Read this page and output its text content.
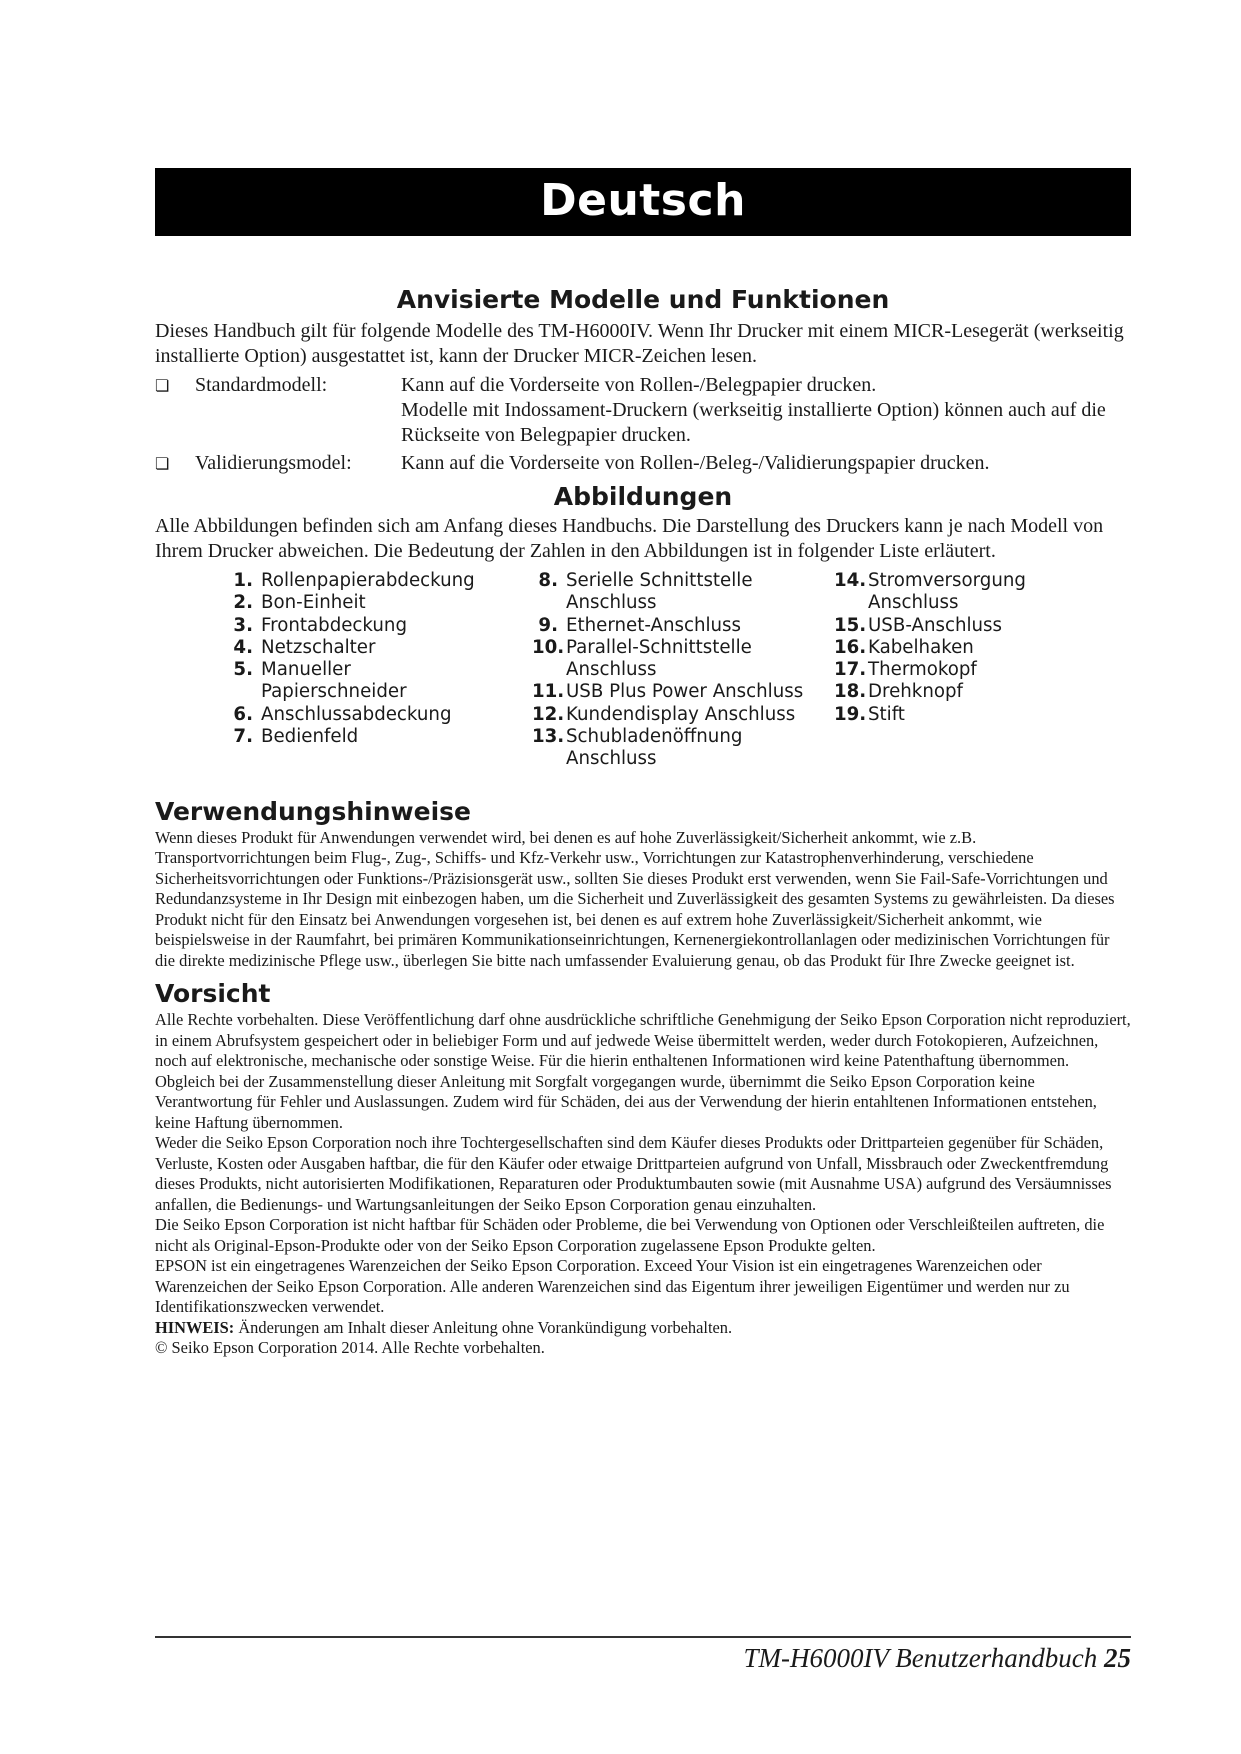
Deutsch
Anvisierte Modelle und Funktionen

Dieses Handbuch gilt für folgende Modelle des TM-H6000IV. Wenn Ihr Drucker mit einem MICR-Lesegerät (werkseitig installierte Option) ausgestattet ist, kann der Drucker MICR-Zeichen lesen.

❏	Standardmodell:	Kann auf die Vorderseite von Rollen-/Belegpapier drucken.
Modelle mit Indossament-Druckern (werkseitig installierte Option) können auch auf die Rückseite von Belegpapier drucken.
❏	Validierungsmodel:	Kann auf die Vorderseite von Rollen-/Beleg-/Validierungspapier drucken.
Abbildungen

Alle Abbildungen befinden sich am Anfang dieses Handbuchs. Die Darstellung des Druckers kann je nach Modell von Ihrem Drucker abweichen. Die Bedeutung der Zahlen in den Abbildungen ist in folgender Liste erläutert.

1. Rollenpapierabdeckung
2. Bon-Einheit
3. Frontabdeckung
4. Netzschalter
5. Manueller Papierschneider
6. Anschlussabdeckung
7. Bedienfeld
8. Serielle Schnittstelle Anschluss
9. Ethernet-Anschluss
10. Parallel-Schnittstelle Anschluss
11. USB Plus Power Anschluss
12. Kundendisplay Anschluss
13. Schubladenöffnung Anschluss
14. Stromversorgung Anschluss
15. USB-Anschluss
16. Kabelhaken
17. Thermokopf
18. Drehknopf
19. Stift
Verwendungshinweise

Wenn dieses Produkt für Anwendungen verwendet wird, bei denen es auf hohe Zuverlässigkeit/Sicherheit ankommt, wie z.B. Transportvorrichtungen beim Flug-, Zug-, Schiffs- und Kfz-Verkehr usw., Vorrichtungen zur Katastrophenverhinderung, verschiedene Sicherheitsvorrichtungen oder Funktions-/Präzisionsgerät usw., sollten Sie dieses Produkt erst verwenden, wenn Sie Fail-Safe-Vorrichtungen und Redundanzsysteme in Ihr Design mit einbezogen haben, um die Sicherheit und Zuverlässigkeit des gesamten Systems zu gewährleisten. Da dieses Produkt nicht für den Einsatz bei Anwendungen vorgesehen ist, bei denen es auf extrem hohe Zuverlässigkeit/Sicherheit ankommt, wie beispielsweise in der Raumfahrt, bei primären Kommunikationseinrichtungen, Kernenergiekontrollanlagen oder medizinischen Vorrichtungen für die direkte medizinische Pflege usw., überlegen Sie bitte nach umfassender Evaluierung genau, ob das Produkt für Ihre Zwecke geeignet ist.

Vorsicht

Alle Rechte vorbehalten. Diese Veröffentlichung darf ohne ausdrückliche schriftliche Genehmigung der Seiko Epson Corporation nicht reproduziert, in einem Abrufsystem gespeichert oder in beliebiger Form und auf jedwede Weise übermittelt werden, weder durch Fotokopieren, Aufzeichnen, noch auf elektronische, mechanische oder sonstige Weise. Für die hierin enthaltenen Informationen wird keine Patenthaftung übernommen. Obgleich bei der Zusammenstellung dieser Anleitung mit Sorgfalt vorgegangen wurde, übernimmt die Seiko Epson Corporation keine Verantwortung für Fehler und Auslassungen. Zudem wird für Schäden, dei aus der Verwendung der hierin entahltenen Informationen entstehen, keine Haftung übernommen.

Weder die Seiko Epson Corporation noch ihre Tochtergesellschaften sind dem Käufer dieses Produkts oder Drittparteien gegenüber für Schäden, Verluste, Kosten oder Ausgaben haftbar, die für den Käufer oder etwaige Drittparteien aufgrund von Unfall, Missbrauch oder Zweckentfremdung dieses Produkts, nicht autorisierten Modifikationen, Reparaturen oder Produktumbauten sowie (mit Ausnahme USA) aufgrund des Versäumnisses anfallen, die Bedienungs- und Wartungsanleitungen der Seiko Epson Corporation genau einzuhalten.

Die Seiko Epson Corporation ist nicht haftbar für Schäden oder Probleme, die bei Verwendung von Optionen oder Verschleißteilen auftreten, die nicht als Original-Epson-Produkte oder von der Seiko Epson Corporation zugelassene Epson Produkte gelten.

EPSON ist ein eingetragenes Warenzeichen der Seiko Epson Corporation. Exceed Your Vision ist ein eingetragenes Warenzeichen oder Warenzeichen der Seiko Epson Corporation. Alle anderen Warenzeichen sind das Eigentum ihrer jeweiligen Eigentümer und werden nur zu Identifikationszwecken verwendet.

HINWEIS: Änderungen am Inhalt dieser Anleitung ohne Vorankündigung vorbehalten.

© Seiko Epson Corporation 2014. Alle Rechte vorbehalten.

TM-H6000IV Benutzerhandbuch 25
